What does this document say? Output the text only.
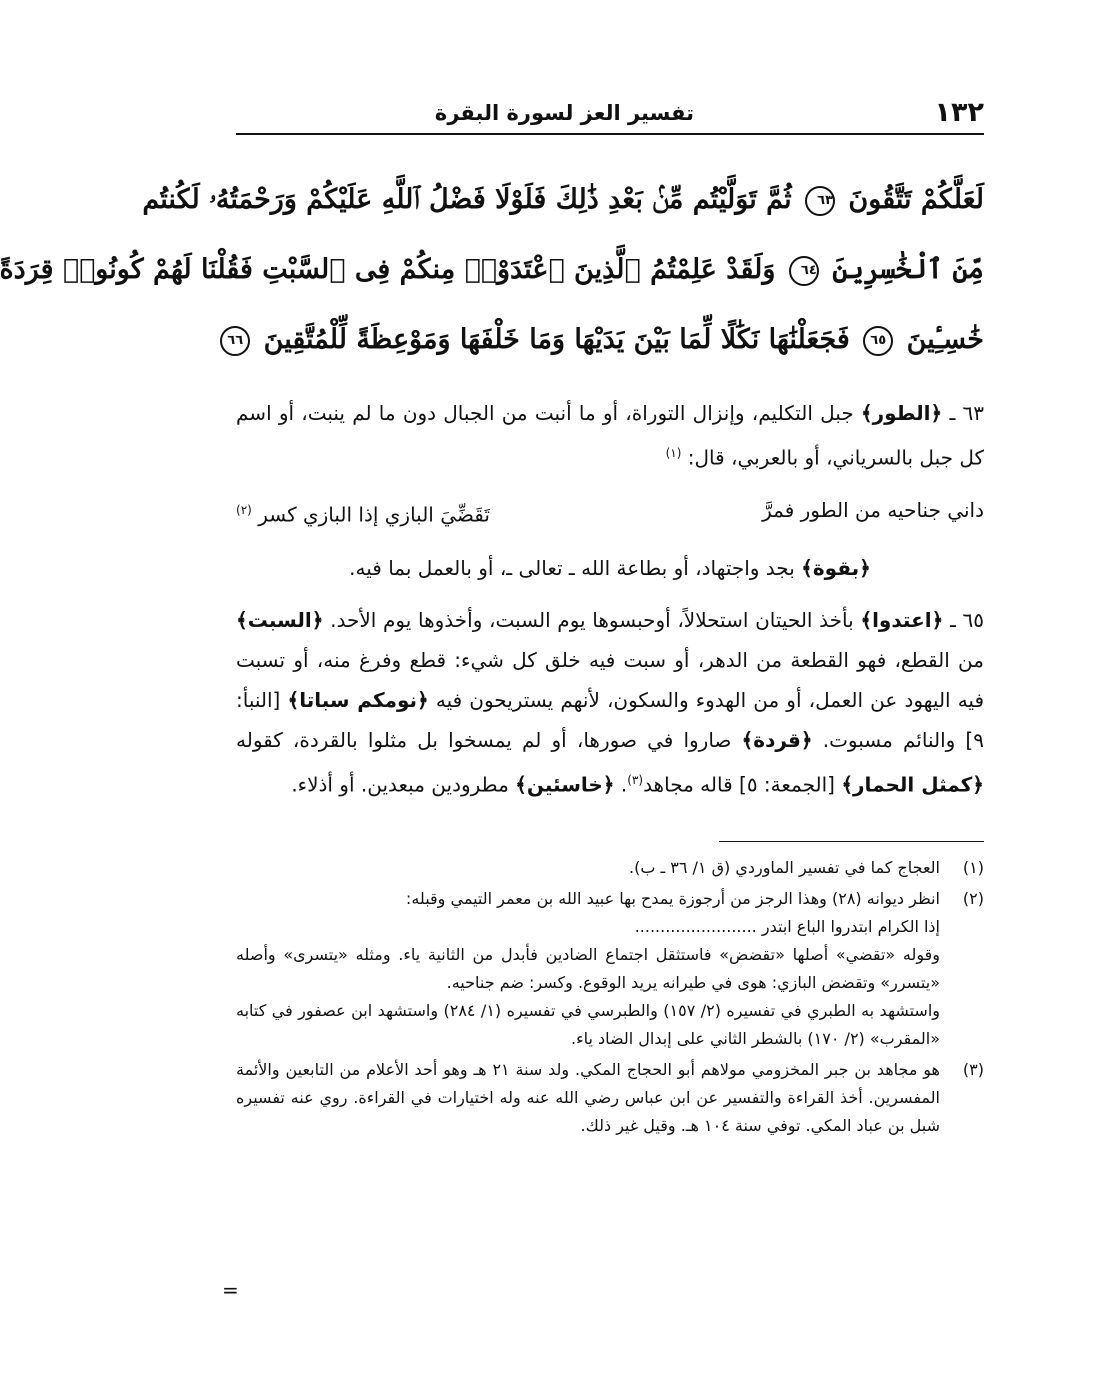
١٣٢
تفسير العز لسورة البقرة
لَعَلَّكُمْ تَتَّقُونَ ٦٣ ثُمَّ تَوَلَّيْتُم مِّنۢ بَعْدِ ذَٰلِكَ فَلَوْلَا فَضْلُ ٱللَّهِ عَلَيْكُمْ وَرَحْمَتُهُۥ لَكُنتُم
مِّنَ ٱلْخَٰسِرِينَ ٦٤ وَلَقَدْ عَلِمْتُمُ ٱلَّذِينَ ٱعْتَدَوْا۟ مِنكُمْ فِى ٱلسَّبْتِ فَقُلْنَا لَهُمْ كُونُوا۟ قِرَدَةً
خَٰسِـِٔينَ ٦٥ فَجَعَلْنَٰهَا نَكَٰلًا لِّمَا بَيْنَ يَدَيْهَا وَمَا خَلْفَهَا وَمَوْعِظَةً لِّلْمُتَّقِينَ ٦٦

٦٣ ـ ﴿الطور﴾ جبل التكليم، وإنزال التوراة، أو ما أنبت من الجبال دون ما لم ينبت، أو اسم كل جبل بالسرياني، أو بالعربي، قال: $^{(١)}$

داني جناحيه من الطور فمرَّ
تَقَضِّيَ البازي إذا البازي كسر $^{(٢)}$

﴿بقوة﴾ بجد واجتهاد، أو بطاعة الله ـ تعالى ـ، أو بالعمل بما فيه.

٦٥ ـ ﴿اعتدوا﴾ بأخذ الحيتان استحلالاً، أوحبسوها يوم السبت، وأخذوها يوم الأحد. ﴿السبت﴾ من القطع، فهو القطعة من الدهر، أو سبت فيه خلق كل شيء: قطع وفرغ منه، أو تسبت فيه اليهود عن العمل، أو من الهدوء والسكون، لأنهم يستريحون فيه ﴿نومكم سباتا﴾ [النبأ: ٩] والنائم مسبوت. ﴿قردة﴾ صاروا في صورها، أو لم يمسخوا بل مثلوا بالقردة، كقوله ﴿كمثل الحمار﴾ [الجمعة: ٥] قاله مجاهد$^{(٣)}$. ﴿خاسئين﴾ مطرودين مبعدين. أو أذلاء.

(١)
العجاج كما في تفسير الماوردي (ق ١/ ٣٦ ـ ب).
(٢)
انظر ديوانه (٢٨) وهذا الرجز من أرجوزة يمدح بها عبيد الله بن معمر التيمي وقبله:
إذا الكرام ابتدروا الباع ابتدر ........................
وقوله «تقضي» أصلها «تقضض» فاستثقل اجتماع الضادين فأبدل من الثانية ياء. ومثله «يتسرى» وأصله «يتسرر» وتقضض البازي: هوى في طيرانه يريد الوقوع. وكسر: ضم جناحيه.
واستشهد به الطبري في تفسيره (٢/ ١٥٧) والطبرسي في تفسيره (١/ ٢٨٤) واستشهد ابن عصفور في كتابه «المقرب» (٢/ ١٧٠) بالشطر الثاني على إبدال الضاد ياء.
(٣)
هو مجاهد بن جبر المخزومي مولاهم أبو الحجاج المكي. ولد سنة ٢١ هـ وهو أحد الأعلام من التابعين والأئمة المفسرين. أخذ القراءة والتفسير عن ابن عباس رضي الله عنه وله اختيارات في القراءة. روي عنه تفسيره شبل بن عباد المكي. توفي سنة ١٠٤ هـ. وقيل غير ذلك.
=
